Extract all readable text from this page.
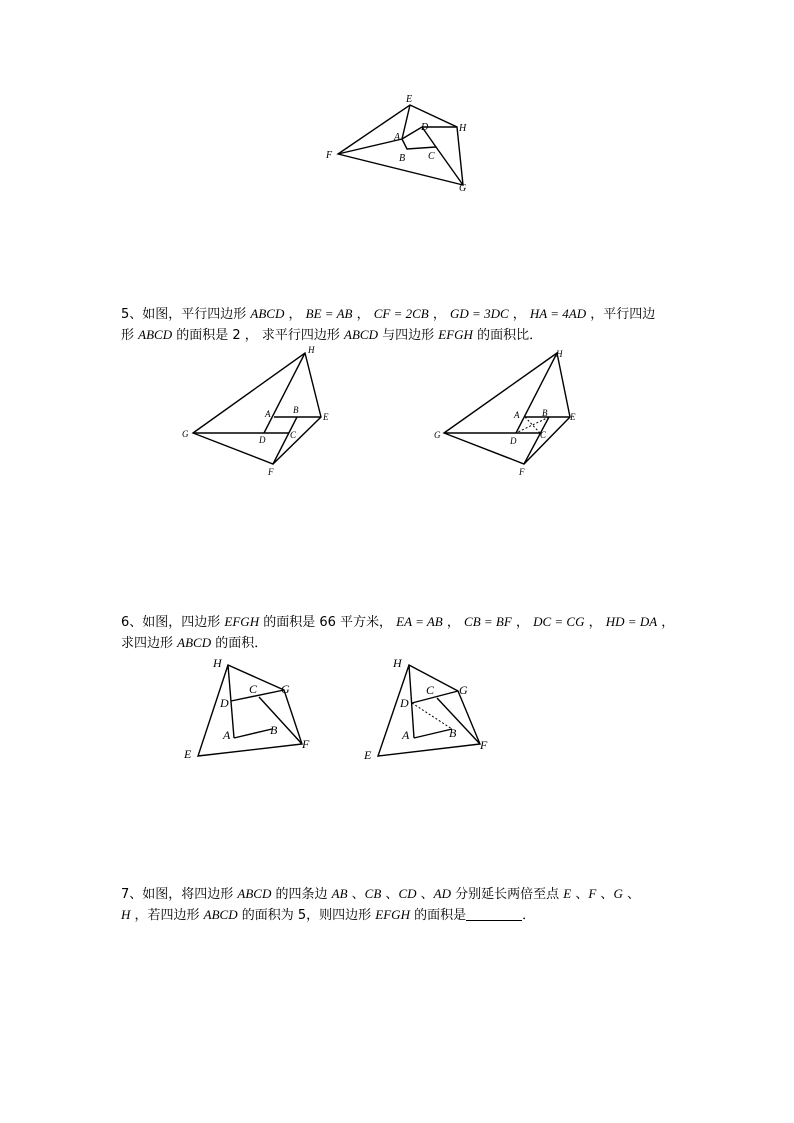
E
A
D	H
F	B C
G

5、如图，平行四边形 ABCD ， BE = AB ， CF = 2CB ， GD = 3DC ， HA = 4AD ，平行四边

形 ABCD 的面积是 2 ， 求平行四边形 ABCD 与四边形 EFGH 的面积比．

H
A	B
E
G
D	C
F
H
A	B	E
G
D
C
F

6、如图，四边形 EFGH 的面积是 66 平方米， EA = AB ， CB = BF ， DC = CG ， HD = DA ，

求四边形 ABCD 的面积．

H
C G
D
A	B
E
F
H
C G
D
A	B
E
F

7、如图，将四边形 ABCD 的四条边 AB 、CB 、CD 、AD 分别延长两倍至点 E 、F 、G 、

H ，若四边形 ABCD 的面积为 5，则四边形 EFGH 的面积是	．
